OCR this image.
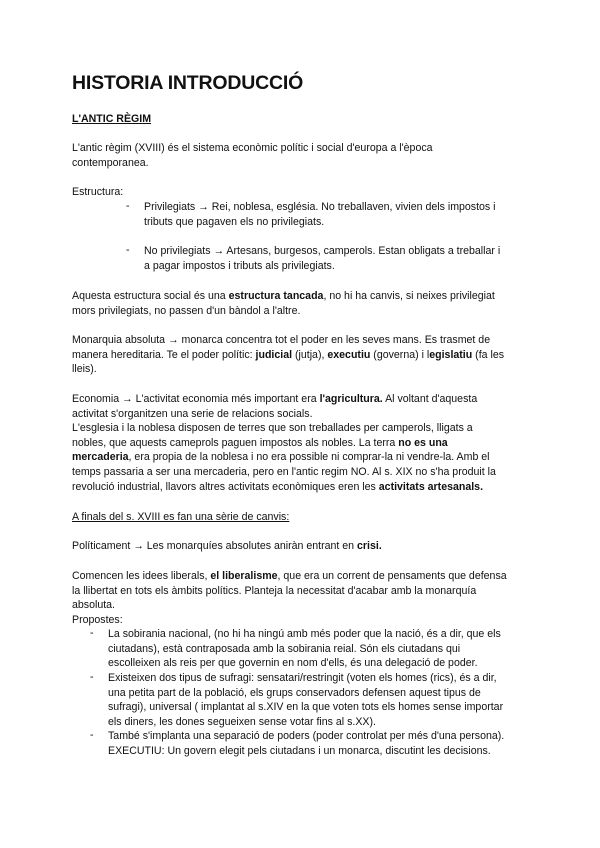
HISTORIA INTRODUCCIÓ
L'ANTIC RÈGIM

L'antic règim (XVIII) és el sistema econòmic polític i social d'europa a l'època
contemporanea.

Estructura:

- Privilegiats → Rei, noblesa, església. No treballaven, vivien dels impostos i
tributs que pagaven els no privilegiats.
- No privilegiats → Artesans, burgesos, camperols. Estan obligats a treballar i
a pagar impostos i tributs als privilegiats.

Aquesta estructura social és una estructura tancada, no hi ha canvis, si neixes privilegiat
mors privilegiats, no passen d'un bàndol a l'altre.

Monarquia absoluta → monarca concentra tot el poder en les seves mans. Es trasmet de
manera hereditaria. Te el poder polític: judicial (jutja), executiu (governa) i legislatiu (fa les
lleis).

Economia → L'activitat economia més important era l'agricultura. Al voltant d'aquesta
activitat s'organitzen una serie de relacions socials.
L'esglesia i la noblesa disposen de terres que son treballades per camperols, lligats a
nobles, que aquests cameprols paguen impostos als nobles. La terra no es una
mercaderia, era propia de la noblesa i no era possible ni comprar-la ni vendre-la. Amb el
temps passaria a ser una mercaderia, pero en l'antic regim NO. Al s. XIX no s'ha produit la
revolució industrial, llavors altres activitats econòmiques eren les activitats artesanals.

A finals del s. XVIII es fan una sèrie de canvis:

Políticament → Les monarquíes absolutes aniràn entrant en crisi.

Comencen les idees liberals, el liberalisme, que era un corrent de pensaments que defensa
la llibertat en tots els àmbits polítics. Planteja la necessitat d'acabar amb la monarquía
absoluta.
Propostes:

- La sobirania nacional, (no hi ha ningú amb més poder que la nació, és a dir, que els
ciutadans), està contraposada amb la sobirania reial. Són els ciutadans qui
escolleixen als reis per que governin en nom d'ells, és una delegació de poder.
- Existeixen dos tipus de sufragi: sensatari/restringit (voten els homes (rics), és a dir,
una petita part de la població, els grups conservadors defensen aquest tipus de
sufragi), universal ( implantat al s.XIV en la que voten tots els homes sense importar
els diners, les dones segueixen sense votar fins al s.XX).
- També s'implanta una separació de poders (poder controlat per més d'una persona).
EXECUTIU: Un govern elegit pels ciutadans i un monarca, discutint les decisions.
